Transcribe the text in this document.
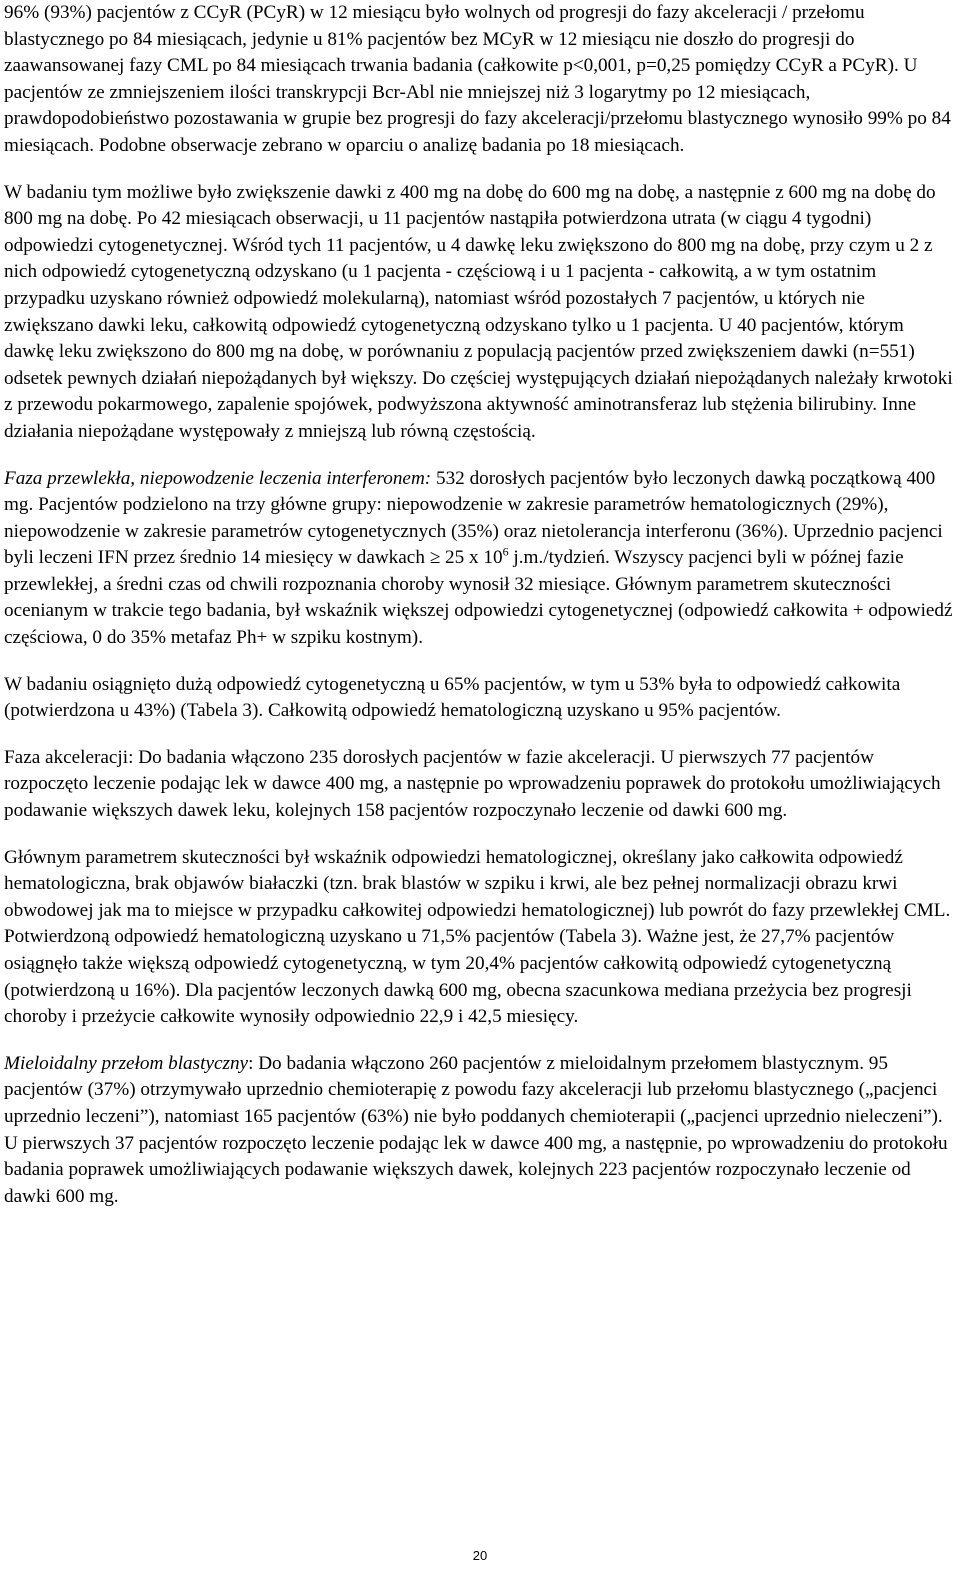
96% (93%) pacjentów z CCyR (PCyR) w 12 miesiącu było wolnych od progresji do fazy akceleracji / przełomu blastycznego po 84 miesiącach, jedynie u 81% pacjentów bez MCyR w 12 miesiącu nie doszło do progresji do zaawansowanej fazy CML po 84 miesiącach trwania badania (całkowite p<0,001, p=0,25 pomiędzy CCyR a PCyR). U pacjentów ze zmniejszeniem ilości transkrypcji Bcr-Abl nie mniejszej niż 3 logarytmy po 12 miesiącach, prawdopodobieństwo pozostawania w grupie bez progresji do fazy akceleracji/przełomu blastycznego wynosiło 99% po 84 miesiącach. Podobne obserwacje zebrano w oparciu o analizę badania po 18 miesiącach.

W badaniu tym możliwe było zwiększenie dawki z 400 mg na dobę do 600 mg na dobę, a następnie z 600 mg na dobę do 800 mg na dobę. Po 42 miesiącach obserwacji, u 11 pacjentów nastąpiła potwierdzona utrata (w ciągu 4 tygodni) odpowiedzi cytogenetycznej. Wśród tych 11 pacjentów, u 4 dawkę leku zwiększono do 800 mg na dobę, przy czym u 2 z nich odpowiedź cytogenetyczną odzyskano (u 1 pacjenta - częściową i u 1 pacjenta - całkowitą, a w tym ostatnim przypadku uzyskano również odpowiedź molekularną), natomiast wśród pozostałych 7 pacjentów, u których nie zwiększano dawki leku, całkowitą odpowiedź cytogenetyczną odzyskano tylko u 1 pacjenta. U 40 pacjentów, którym dawkę leku zwiększono do 800 mg na dobę, w porównaniu z populacją pacjentów przed zwiększeniem dawki (n=551) odsetek pewnych działań niepożądanych był większy. Do częściej występujących działań niepożądanych należały krwotoki z przewodu pokarmowego, zapalenie spojówek, podwyższona aktywność aminotransferaz lub stężenia bilirubiny. Inne działania niepożądane występowały z mniejszą lub równą częstością.

Faza przewlekła, niepowodzenie leczenia interferonem: 532 dorosłych pacjentów było leczonych dawką początkową 400 mg. Pacjentów podzielono na trzy główne grupy: niepowodzenie w zakresie parametrów hematologicznych (29%), niepowodzenie w zakresie parametrów cytogenetycznych (35%) oraz nietolerancja interferonu (36%). Uprzednio pacjenci byli leczeni IFN przez średnio 14 miesięcy w dawkach ≥ 25 x $10^6$ j.m./tydzień. Wszyscy pacjenci byli w późnej fazie przewlekłej, a średni czas od chwili rozpoznania choroby wynosił 32 miesiące. Głównym parametrem skuteczności ocenianym w trakcie tego badania, był wskaźnik większej odpowiedzi cytogenetycznej (odpowiedź całkowita + odpowiedź częściowa, 0 do 35% metafaz Ph+ w szpiku kostnym).

W badaniu osiągnięto dużą odpowiedź cytogenetyczną u 65% pacjentów, w tym u 53% była to odpowiedź całkowita (potwierdzona u 43%) (Tabela 3). Całkowitą odpowiedź hematologiczną uzyskano u 95% pacjentów.

Faza akceleracji: Do badania włączono 235 dorosłych pacjentów w fazie akceleracji. U pierwszych 77 pacjentów rozpoczęto leczenie podając lek w dawce 400 mg, a następnie po wprowadzeniu poprawek do protokołu umożliwiających podawanie większych dawek leku, kolejnych 158 pacjentów rozpoczynało leczenie od dawki 600 mg.

Głównym parametrem skuteczności był wskaźnik odpowiedzi hematologicznej, określany jako całkowita odpowiedź hematologiczna, brak objawów białaczki (tzn. brak blastów w szpiku i krwi, ale bez pełnej normalizacji obrazu krwi obwodowej jak ma to miejsce w przypadku całkowitej odpowiedzi hematologicznej) lub powrót do fazy przewlekłej CML. Potwierdzoną odpowiedź hematologiczną uzyskano u 71,5% pacjentów (Tabela 3). Ważne jest, że 27,7% pacjentów osiągnęło także większą odpowiedź cytogenetyczną, w tym 20,4% pacjentów całkowitą odpowiedź cytogenetyczną (potwierdzoną u 16%). Dla pacjentów leczonych dawką 600 mg, obecna szacunkowa mediana przeżycia bez progresji choroby i przeżycie całkowite wynosiły odpowiednio 22,9 i 42,5 miesięcy.

Mieloidalny przełom blastyczny: Do badania włączono 260 pacjentów z mieloidalnym przełomem blastycznym. 95 pacjentów (37%) otrzymywało uprzednio chemioterapię z powodu fazy akceleracji lub przełomu blastycznego („pacjenci uprzednio leczeni”), natomiast 165 pacjentów (63%) nie było poddanych chemioterapii („pacjenci uprzednio nieleczeni”). U pierwszych 37 pacjentów rozpoczęto leczenie podając lek w dawce 400 mg, a następnie, po wprowadzeniu do protokołu badania poprawek umożliwiających podawanie większych dawek, kolejnych 223 pacjentów rozpoczynało leczenie od dawki 600 mg.

20
